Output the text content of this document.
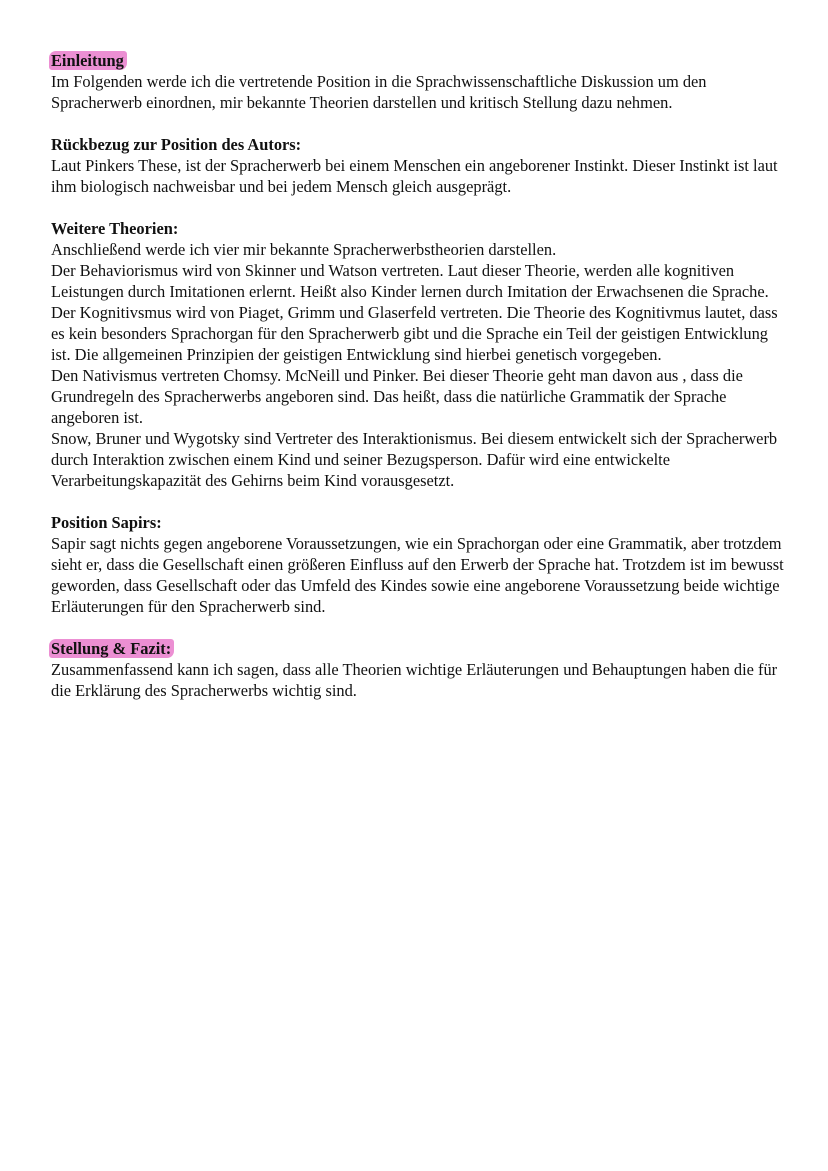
Einleitung

Im Folgenden werde ich die vertretende Position in die Sprachwissenschaftliche Diskussion um den Spracherwerb einordnen, mir bekannte Theorien darstellen und kritisch Stellung dazu nehmen.

Rückbezug zur Position des Autors:

Laut Pinkers These, ist der Spracherwerb bei einem Menschen ein angeborener Instinkt. Dieser Instinkt ist laut ihm biologisch nachweisbar und bei jedem Mensch gleich ausgeprägt.

Weitere Theorien:

Anschließend werde ich vier mir bekannte Spracherwerbstheorien darstellen.

Der Behaviorismus wird von Skinner und Watson vertreten. Laut dieser Theorie, werden alle kognitiven Leistungen durch Imitationen erlernt. Heißt also Kinder lernen durch Imitation der Erwachsenen die Sprache.

Der Kognitivsmus wird von Piaget, Grimm und Glaserfeld vertreten. Die Theorie des Kognitivmus lautet, dass es kein besonders Sprachorgan für den Spracherwerb gibt und die Sprache ein Teil der geistigen Entwicklung ist. Die allgemeinen Prinzipien der geistigen Entwicklung sind hierbei genetisch vorgegeben.

Den Nativismus vertreten Chomsy. McNeill und Pinker. Bei dieser Theorie geht man davon aus , dass die Grundregeln des Spracherwerbs angeboren sind. Das heißt, dass die natürliche Grammatik der Sprache angeboren ist.

Snow, Bruner und Wygotsky sind Vertreter des Interaktionismus. Bei diesem entwickelt sich der Spracherwerb durch Interaktion zwischen einem Kind und seiner Bezugsperson. Dafür wird eine entwickelte Verarbeitungskapazität des Gehirns beim Kind vorausgesetzt.

Position Sapirs:

Sapir sagt nichts gegen angeborene Voraussetzungen, wie ein Sprachorgan oder eine Grammatik, aber trotzdem sieht er, dass die Gesellschaft einen größeren Einfluss auf den Erwerb der Sprache hat. Trotzdem ist im bewusst geworden, dass Gesellschaft oder das Umfeld des Kindes sowie eine angeborene Voraussetzung beide wichtige Erläuterungen für den Spracherwerb sind.

Stellung & Fazit:

Zusammenfassend kann ich sagen, dass alle Theorien wichtige Erläuterungen und Behauptungen haben die für die Erklärung des Spracherwerbs wichtig sind.
